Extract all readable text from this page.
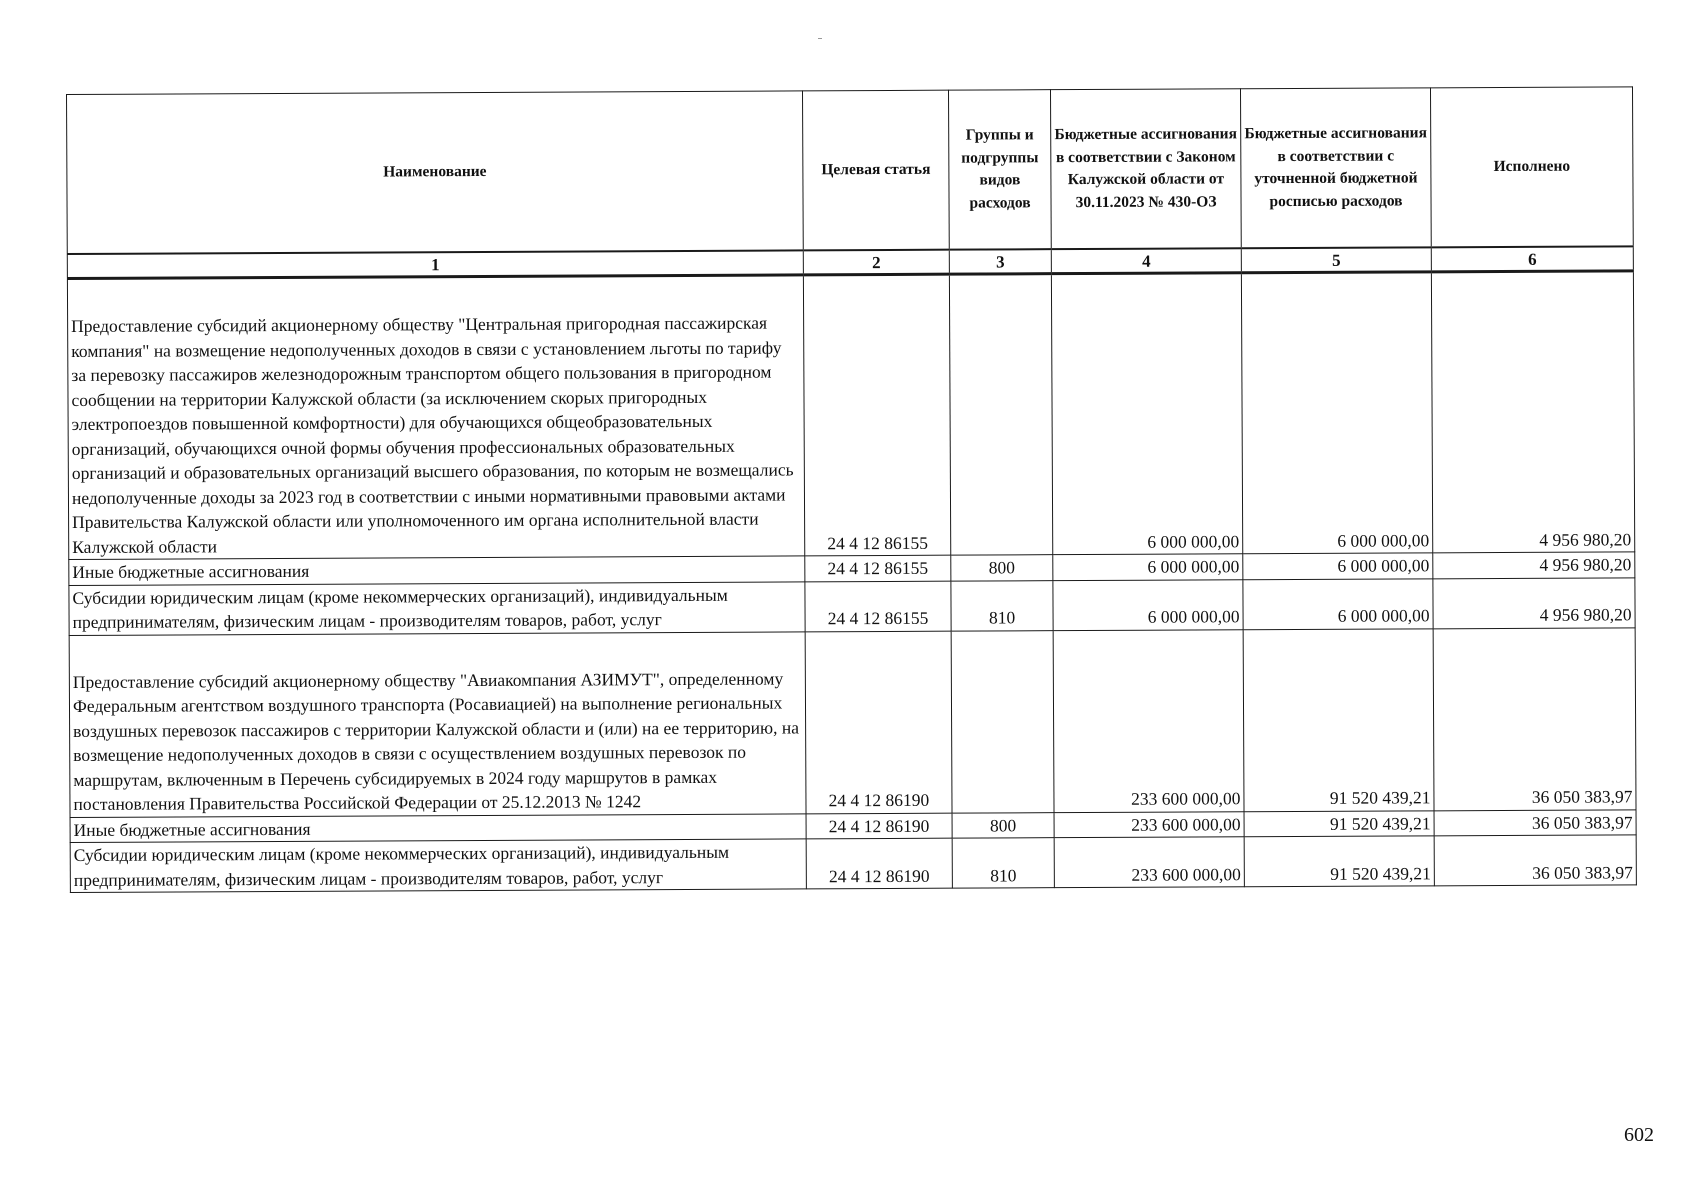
Наименование	Целевая статья	Группы и подгруппы видов расходов	Бюджетные ассигнования в соответствии с Законом Калужской области от 30.11.2023 № 430-ОЗ	Бюджетные ассигнования в соответствии с уточненной бюджетной росписью расходов	Исполнено
1	2	3	4	5	6
Предоставление субсидий акционерному обществу "Центральная пригородная пассажирская компания" на возмещение недополученных доходов в связи с установлением льготы по тарифу за перевозку пассажиров железнодорожным транспортом общего пользования в пригородном сообщении на территории Калужской области (за исключением скорых пригородных электропоездов повышенной комфортности) для обучающихся общеобразовательных организаций, обучающихся очной формы обучения профессиональных образовательных организаций и образовательных организаций высшего образования, по которым не возмещались недополученные доходы за 2023 год в соответствии с иными нормативными правовыми актами Правительства Калужской области или уполномоченного им органа исполнительной власти Калужской области	24 4 12 86155		6 000 000,00	6 000 000,00	4 956 980,20
Иные бюджетные ассигнования	24 4 12 86155	800	6 000 000,00	6 000 000,00	4 956 980,20
Субсидии юридическим лицам (кроме некоммерческих организаций), индивидуальным предпринимателям, физическим лицам - производителям товаров, работ, услуг	24 4 12 86155	810	6 000 000,00	6 000 000,00	4 956 980,20
Предоставление субсидий акционерному обществу "Авиакомпания АЗИМУТ", определенному Федеральным агентством воздушного транспорта (Росавиацией) на выполнение региональных воздушных перевозок пассажиров с территории Калужской области и (или) на ее территорию, на возмещение недополученных доходов в связи с осуществлением воздушных перевозок по маршрутам, включенным в Перечень субсидируемых в 2024 году маршрутов в рамках постановления Правительства Российской Федерации от 25.12.2013 № 1242	24 4 12 86190		233 600 000,00	91 520 439,21	36 050 383,97
Иные бюджетные ассигнования	24 4 12 86190	800	233 600 000,00	91 520 439,21	36 050 383,97
Субсидии юридическим лицам (кроме некоммерческих организаций), индивидуальным предпринимателям, физическим лицам - производителям товаров, работ, услуг	24 4 12 86190	810	233 600 000,00	91 520 439,21	36 050 383,97
602
